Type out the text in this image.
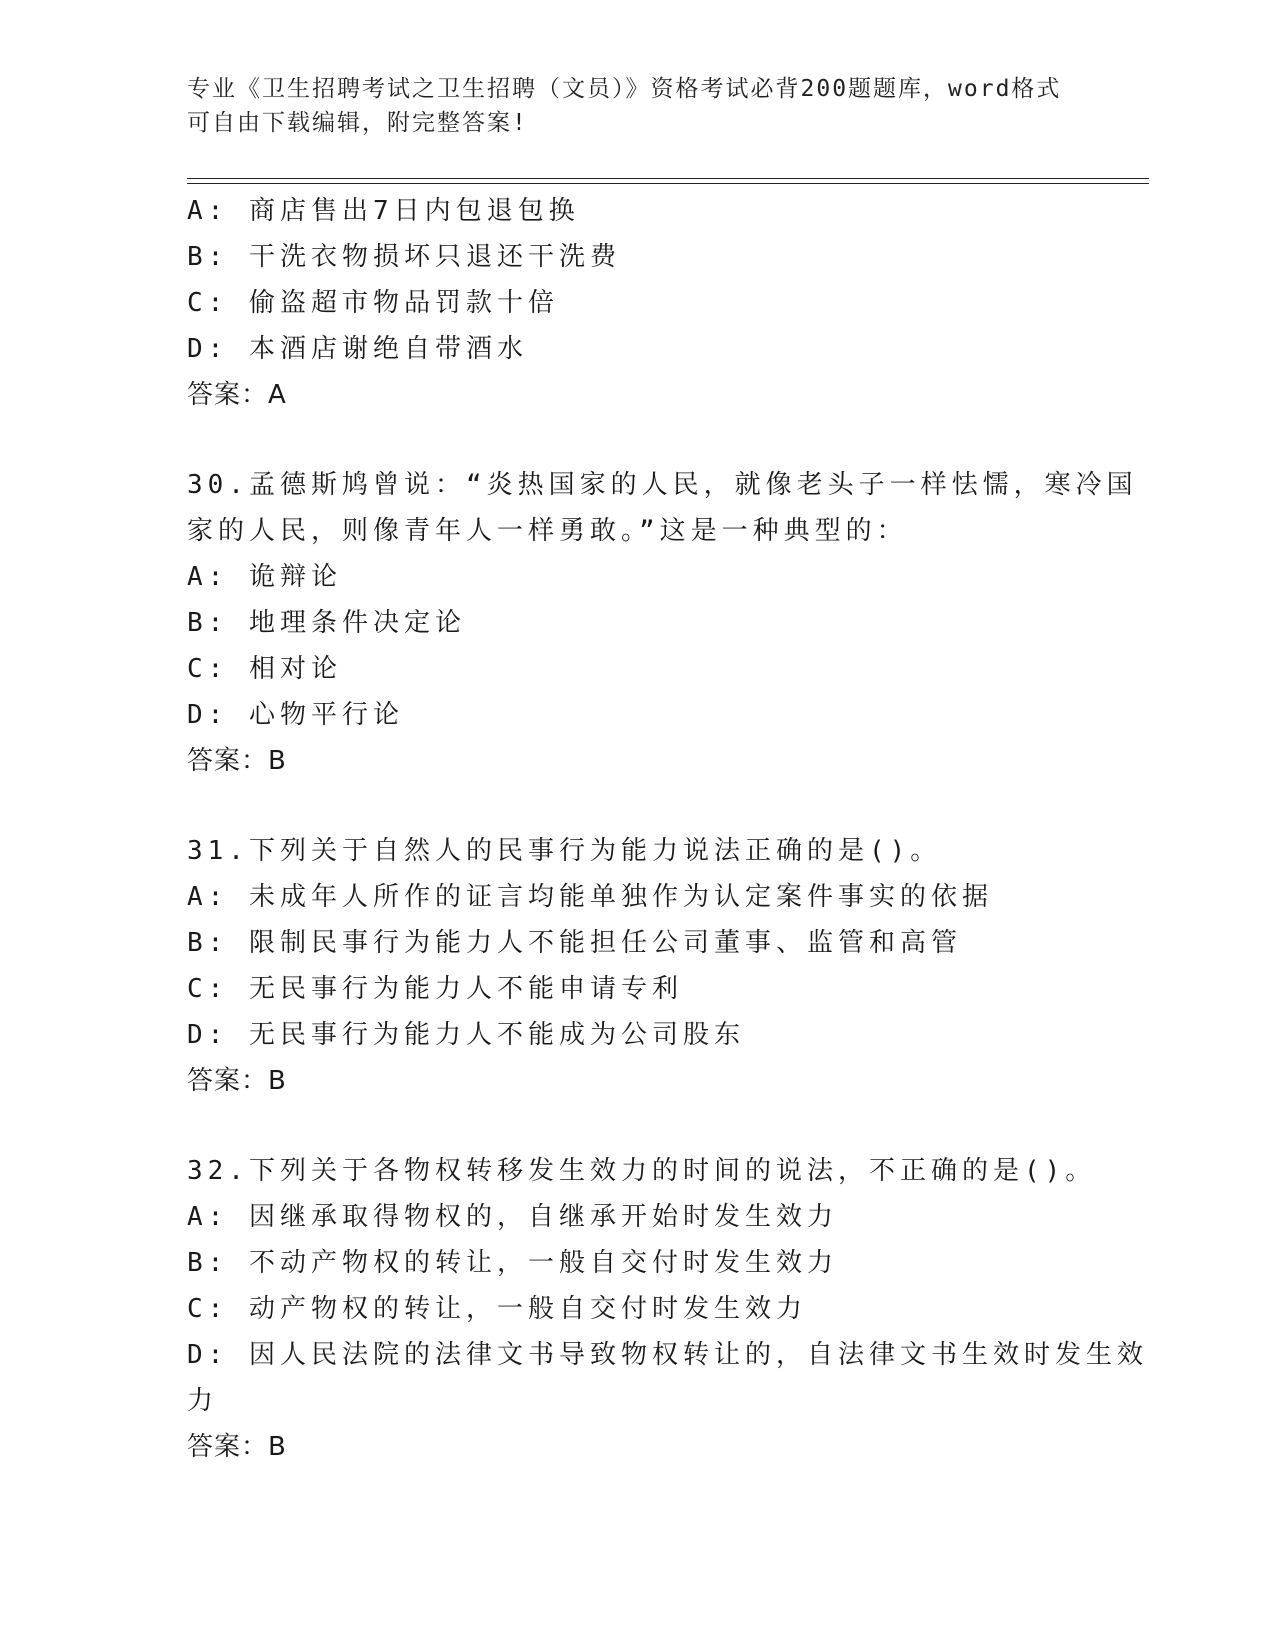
专业《卫生招聘考试之卫生招聘（文员）》资格考试必背200题题库，word格式
可自由下载编辑，附完整答案!
A: 商店售出7日内包退包换
B: 干洗衣物损坏只退还干洗费
C: 偷盗超市物品罚款十倍
D: 本酒店谢绝自带酒水
答案：A
30.孟德斯鸠曾说：“炎热国家的人民，就像老头子一样怯懦，寒冷国
家的人民，则像青年人一样勇敢。”这是一种典型的：
A: 诡辩论
B: 地理条件决定论
C: 相对论
D: 心物平行论
答案：B
31.下列关于自然人的民事行为能力说法正确的是()。
A: 未成年人所作的证言均能单独作为认定案件事实的依据
B: 限制民事行为能力人不能担任公司董事、监管和高管
C: 无民事行为能力人不能申请专利
D: 无民事行为能力人不能成为公司股东
答案：B
32.下列关于各物权转移发生效力的时间的说法，不正确的是()。
A: 因继承取得物权的，自继承开始时发生效力
B: 不动产物权的转让，一般自交付时发生效力
C: 动产物权的转让，一般自交付时发生效力
D: 因人民法院的法律文书导致物权转让的，自法律文书生效时发生效
力
答案：B
